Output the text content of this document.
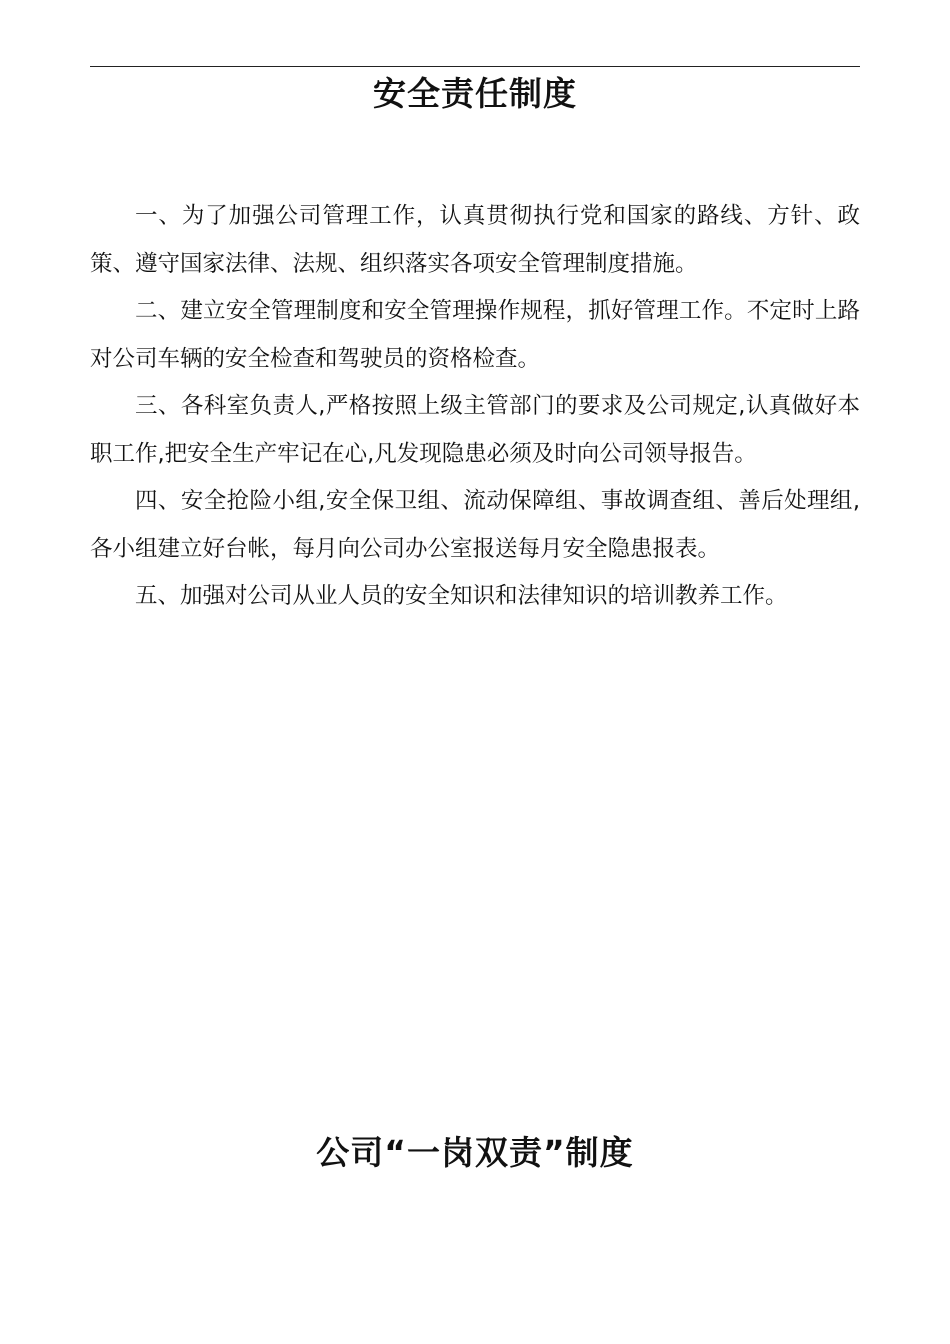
安全责任制度

一、为了加强公司管理工作，认真贯彻执行党和国家的路线、方针、政策、遵守国家法律、法规、组织落实各项安全管理制度措施。

二、建立安全管理制度和安全管理操作规程，抓好管理工作。不定时上路对公司车辆的安全检查和驾驶员的资格检查。

三、各科室负责人,严格按照上级主管部门的要求及公司规定,认真做好本职工作,把安全生产牢记在心,凡发现隐患必须及时向公司领导报告。

四、安全抢险小组,安全保卫组、流动保障组、事故调查组、善后处理组,各小组建立好台帐，每月向公司办公室报送每月安全隐患报表。

五、加强对公司从业人员的安全知识和法律知识的培训教养工作。

公司“一岗双责”制度
